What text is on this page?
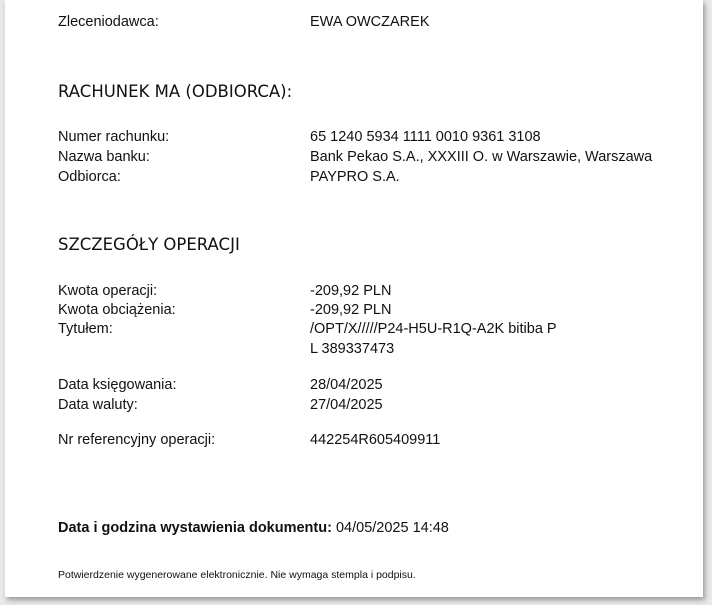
Zleceniodawca:	EWA OWCZAREK
RACHUNEK MA (ODBIORCA):
Numer rachunku:	65 1240 5934 1111 0010 9361 3108
Nazwa banku:	Bank Pekao S.A., XXXIII O. w Warszawie, Warszawa
Odbiorca:	PAYPRO S.A.
SZCZEGÓŁY OPERACJI
Kwota operacji:	-209,92 PLN
Kwota obciążenia:	-209,92 PLN
Tytułem:	/OPT/X/////P24-H5U-R1Q-A2K bitiba P
L 389337473
Data księgowania:	28/04/2025
Data waluty:	27/04/2025
Nr referencyjny operacji:	442254R605409911
Data i godzina wystawienia dokumentu: 04/05/2025 14:48
Potwierdzenie wygenerowane elektronicznie. Nie wymaga stempla i podpisu.
